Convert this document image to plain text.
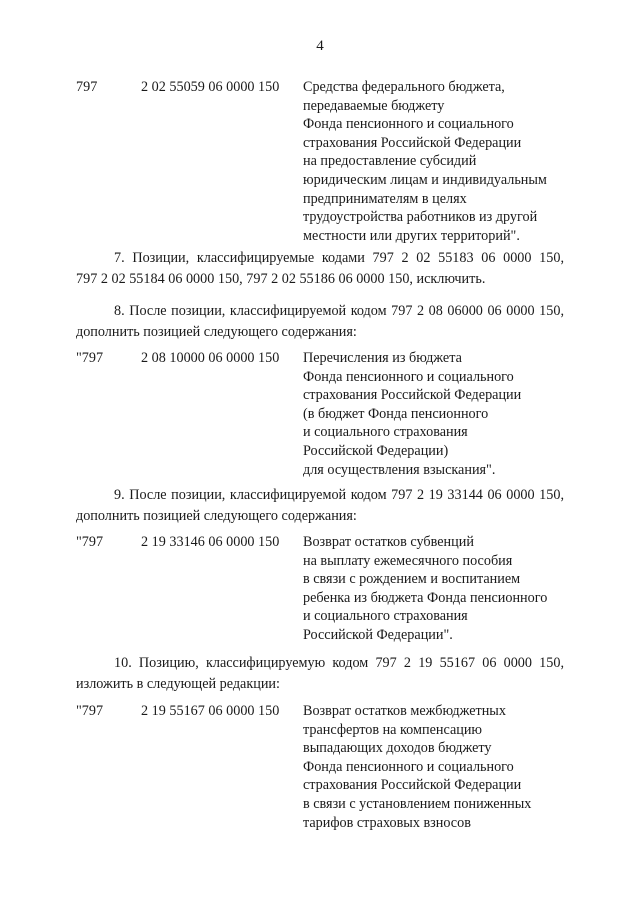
4
797	2 02 55059 06 0000 150 Средства федерального бюджета,
передаваемые бюджету
Фонда пенсионного и социального
страхования Российской Федерации
на предоставление субсидий
юридическим лицам и индивидуальным
предпринимателям в целях
трудоустройства работников из другой
местности или других территорий".
7. Позиции, классифицируемые кодами 797 2 02 55183 06 0000 150,
797 2 02 55184 06 0000 150, 797 2 02 55186 06 0000 150, исключить.
8. После позиции, классифицируемой кодом 797 2 08 06000 06 0000 150,
дополнить позицией следующего содержания:
"797	2 08 10000 06 0000 150 Перечисления из бюджета
Фонда пенсионного и социального
страхования Российской Федерации
(в бюджет Фонда пенсионного
и социального страхования
Российской Федерации)
для осуществления взыскания".
9. После позиции, классифицируемой кодом 797 2 19 33144 06 0000 150,
дополнить позицией следующего содержания:
"797	2 19 33146 06 0000 150 Возврат остатков субвенций
на выплату ежемесячного пособия
в связи с рождением и воспитанием
ребенка из бюджета Фонда пенсионного
и социального страхования
Российской Федерации".
10. Позицию, классифицируемую кодом 797 2 19 55167 06 0000 150,
изложить в следующей редакции:
"797	2 19 55167 06 0000 150 Возврат остатков межбюджетных
трансфертов на компенсацию
выпадающих доходов бюджету
Фонда пенсионного и социального
страхования Российской Федерации
в связи с установлением пониженных
тарифов страховых взносов
